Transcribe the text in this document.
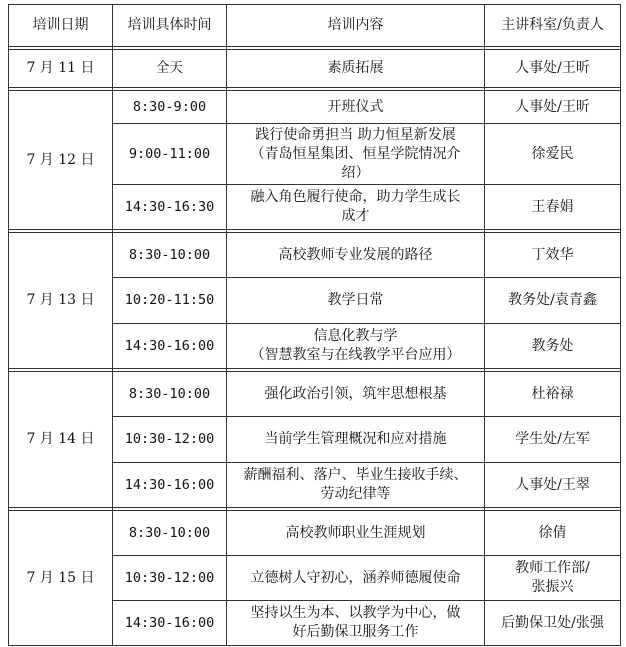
培训日期	培训具体时间	培训内容	主讲科室/负责人

7 月 11 日	全天	素质拓展	人事处/王昕

7 月 12 日	8:30-9:00	开班仪式	人事处/王昕

	9:00-11:00	践行使命勇担当 助力恒星新发展
（青岛恒星集团、恒星学院情况介
绍）	徐爱民

	14:30-16:30	融入角色履行使命，助力学生成长
成才	王春娟

7 月 13 日	8:30-10:00	高校教师专业发展的路径	丁效华

	10:20-11:50	教学日常	教务处/袁青鑫

	14:30-16:00	信息化教与学
（智慧教室与在线教学平台应用）	教务处

7 月 14 日	8:30-10:00	强化政治引领，筑牢思想根基	杜裕禄

	10:30-12:00	当前学生管理概况和应对措施	学生处/左军

	14:30-16:00	薪酬福利、落户、毕业生接收手续、
劳动纪律等	人事处/王翠

7 月 15 日	8:30-10:00	高校教师职业生涯规划	徐倩

	10:30-12:00	立德树人守初心，涵养师德履使命	教师工作部/
张振兴

	14:30-16:00	坚持以生为本、以教学为中心，做
好后勤保卫服务工作	后勤保卫处/张强
